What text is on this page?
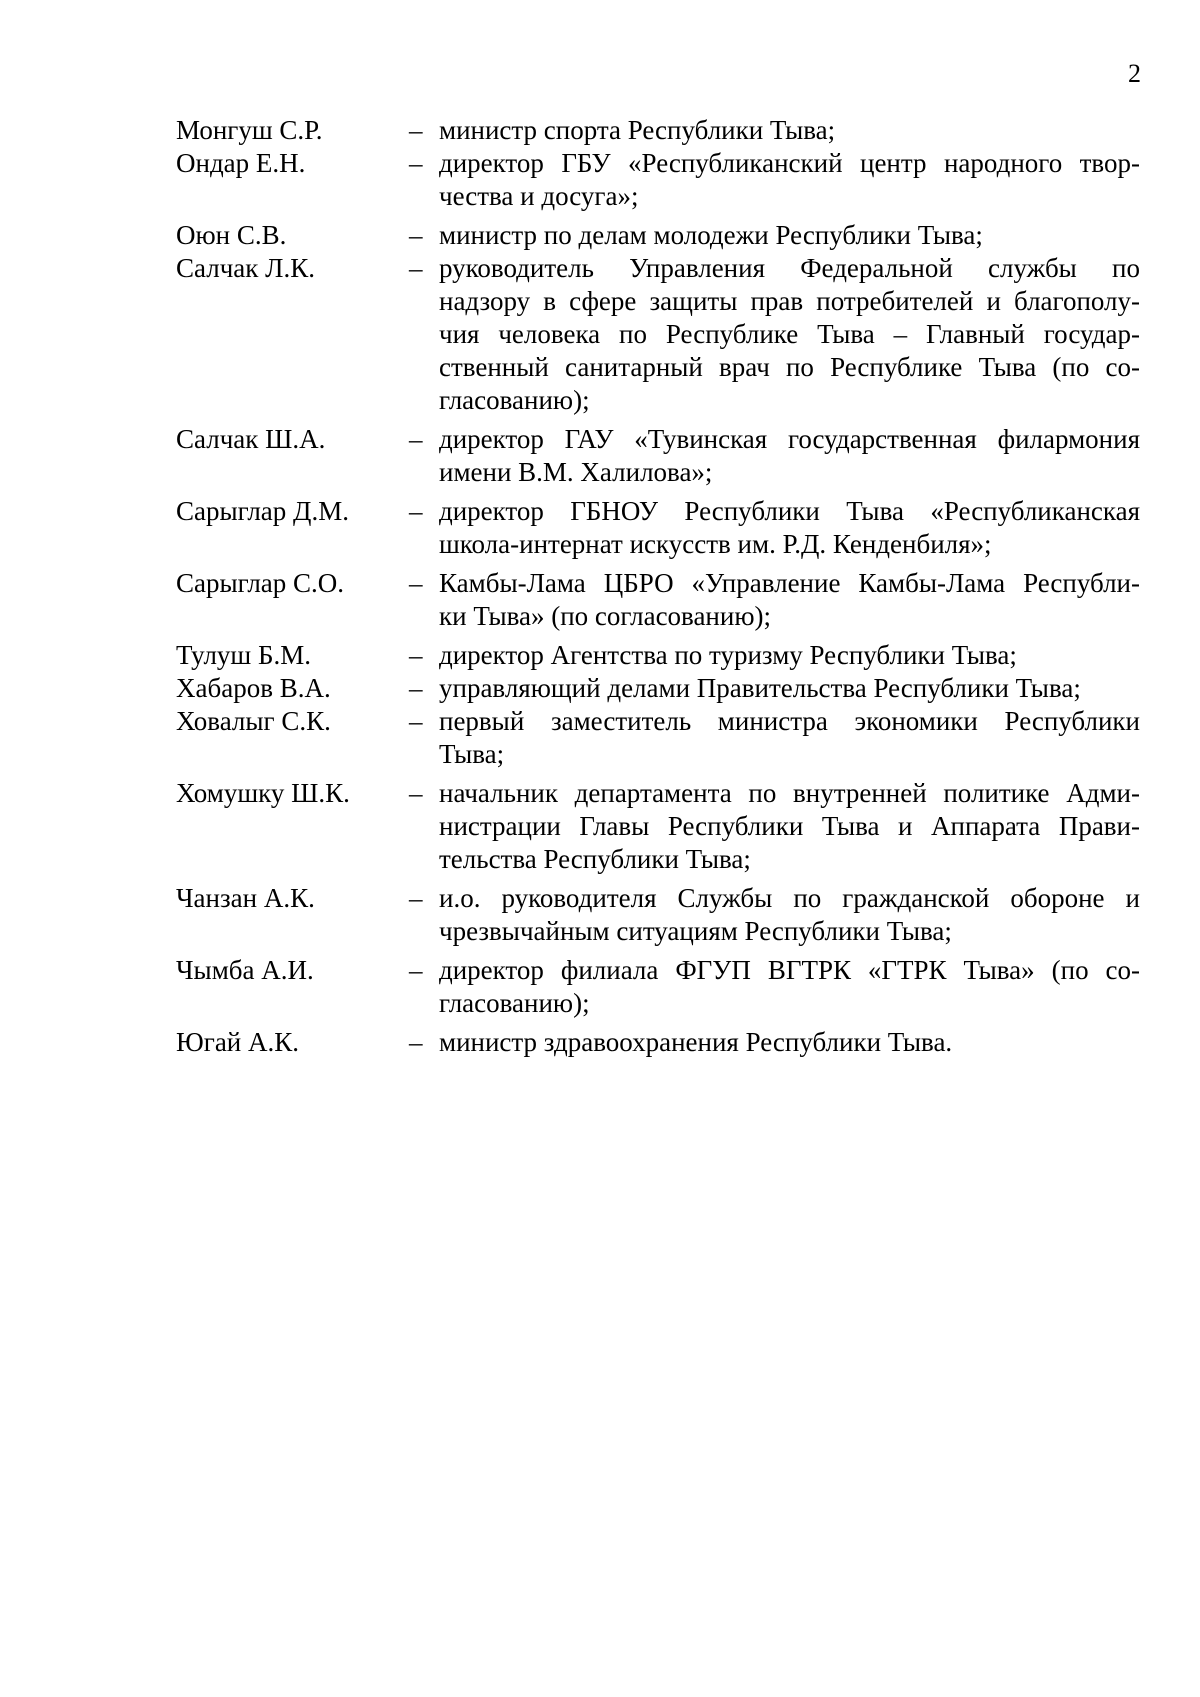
2
Монгуш С.Р.	– министр спорта Республики Тыва;
Ондар Е.Н.	– директор ГБУ «Республиканский центр народного твор-
чества и досуга»;
Оюн С.В.	– министр по делам молодежи Республики Тыва;
Салчак Л.К.	– руководитель Управления Федеральной службы по
надзору в сфере защиты прав потребителей и благополу-
чия человека по Республике Тыва – Главный государ-
ственный санитарный врач по Республике Тыва (по со-
гласованию);
Салчак Ш.А.	– директор ГАУ «Тувинская государственная филармония
имени В.М. Халилова»;
Сарыглар Д.М.	– директор ГБНОУ Республики Тыва «Республиканская
школа-интернат искусств им. Р.Д. Кенденбиля»;
Сарыглар С.О.	– Камбы-Лама ЦБРО «Управление Камбы-Лама Республи-
ки Тыва» (по согласованию);
Тулуш Б.М.	– директор Агентства по туризму Республики Тыва;
Хабаров В.А.	– управляющий делами Правительства Республики Тыва;
Ховалыг С.К.	– первый заместитель министра экономики Республики
Тыва;
Хомушку Ш.К.	– начальник департамента по внутренней политике Адми-
нистрации Главы Республики Тыва и Аппарата Прави-
тельства Республики Тыва;
Чанзан А.К.	– и.о. руководителя Службы по гражданской обороне и
чрезвычайным ситуациям Республики Тыва;
Чымба А.И.	– директор филиала ФГУП ВГТРК «ГТРК Тыва» (по со-
гласованию);
Югай А.К.	– министр здравоохранения Республики Тыва.
